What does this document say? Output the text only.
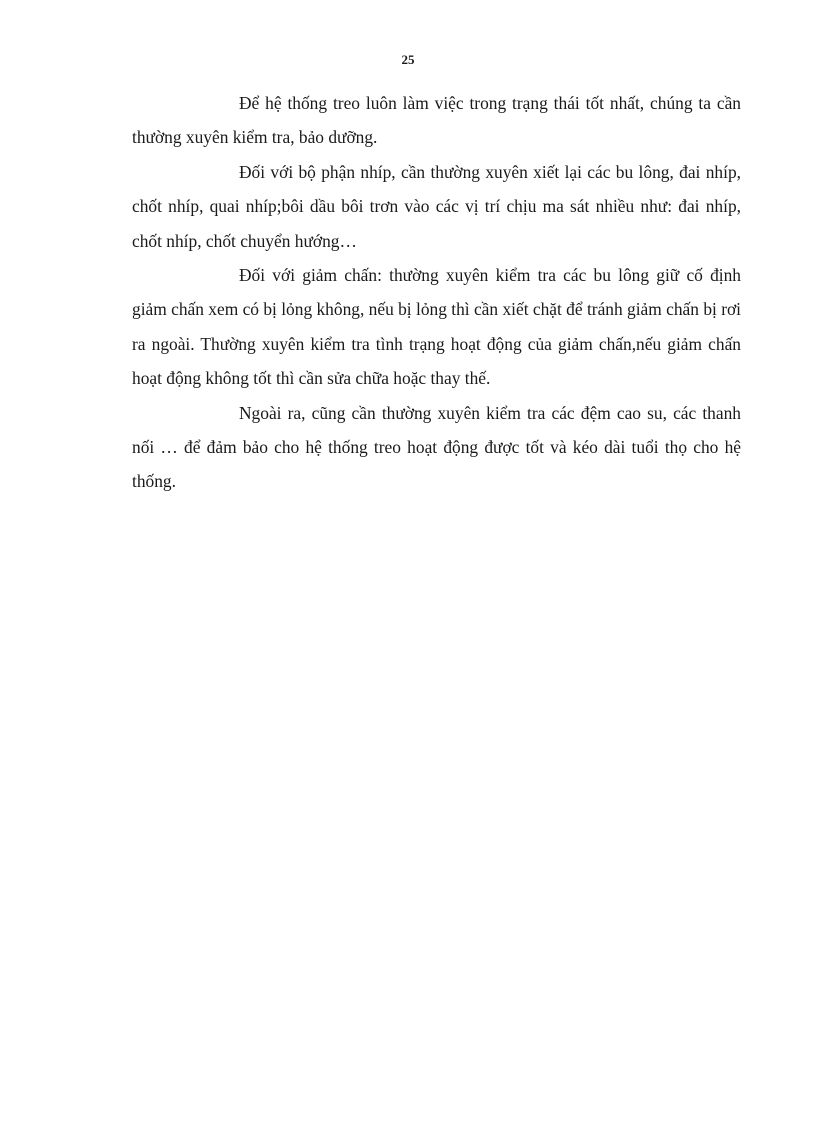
25

Để hệ thống treo luôn làm việc trong trạng thái tốt nhất, chúng ta cần thường xuyên kiểm tra, bảo dưỡng.

Đối với bộ phận nhíp, cần thường xuyên xiết lại các bu lông, đai nhíp, chốt nhíp, quai nhíp;bôi dầu bôi trơn vào các vị trí chịu ma sát nhiều như: đai nhíp, chốt nhíp, chốt chuyển hướng…

Đối với giảm chấn: thường xuyên kiểm tra các bu lông giữ cố định giảm chấn xem có bị lỏng không, nếu bị lỏng thì cần xiết chặt để tránh giảm chấn bị rơi ra ngoài. Thường xuyên kiểm tra tình trạng hoạt động của giảm chấn,nếu giảm chấn hoạt động không tốt thì cần sửa chữa hoặc thay thế.

Ngoài ra, cũng cần thường xuyên kiểm tra các đệm cao su, các thanh nối … để đảm bảo cho hệ thống treo hoạt động được tốt và kéo dài tuổi thọ cho hệ thống.
